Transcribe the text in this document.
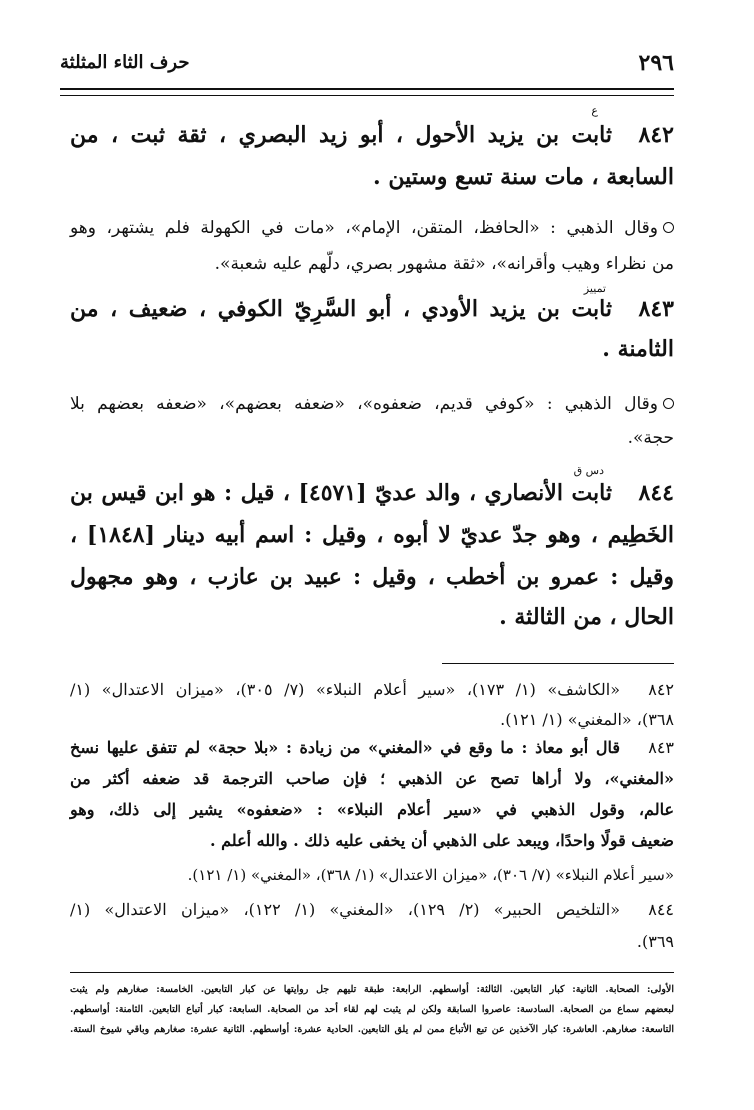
٢٩٦
حرف الثاء المثلثة
ع
٨٤٢
ثابت بن يزيد الأحول ، أبو زيد البصري ، ثقة ثبت ، من
السابعة ، مات سنة تسع وستين .
وقال الذهبي : «الحافظ، المتقن، الإمام»، «مات في الكهولة فلم يشتهر، وهو
من نظراء وهيب وأقرانه»، «ثقة مشهور بصري، دلّهم عليه شعبة».
تمييز
٨٤٣
ثابت بن يزيد الأودي ، أبو السَّرِيّ الكوفي ، ضعيف ، من
الثامنة .
وقال الذهبي : «كوفي قديم، ضعفوه»، «ضعفه بعضهم»، «ضعفه بعضهم بلا
حجة».
دس ق
٨٤٤
ثابت الأنصاري ، والد عديّ [٤٥٧١] ، قيل : هو ابن قيس بن
الخَطِيم ، وهو جدّ عديّ لا أبوه ، وقيل : اسم أبيه دينار [١٨٤٨] ،
وقيل : عمرو بن أخطب ، وقيل : عبيد بن عازب ، وهو مجهول
الحال ، من الثالثة .
٨٤٢
«الكاشف» (١/ ١٧٣)، «سير أعلام النبلاء» (٧/ ٣٠٥)، «ميزان الاعتدال» (١/
٣٦٨)، «المغني» (١/ ١٢١).
٨٤٣
قال أبو معاذ : ما وقع في «المغني» من زيادة : «بلا حجة» لم تتفق عليها نسخ
«المغني»، ولا أراها تصح عن الذهبي ؛ فإن صاحب الترجمة قد ضعفه أكثر من
عالم، وقول الذهبي في «سير أعلام النبلاء» : «ضعفوه» يشير إلى ذلك، وهو
ضعيف قولًا واحدًا، ويبعد على الذهبي أن يخفى عليه ذلك . والله أعلم .
«سير أعلام النبلاء» (٧/ ٣٠٦)، «ميزان الاعتدال» (١/ ٣٦٨)، «المغني» (١/ ١٢١).
٨٤٤
«التلخيص الحبير» (٢/ ١٢٩)، «المغني» (١/ ١٢٢)، «ميزان الاعتدال» (١/
٣٦٩).
الأولى: الصحابة. الثانية: كبار التابعين. الثالثة: أواسطهم. الرابعة: طبقة تليهم جل روايتها عن كبار التابعين. الخامسة: صغارهم ولم يثبت
لبعضهم سماع من الصحابة. السادسة: عاصروا السابقة ولكن لم يثبت لهم لقاء أحد من الصحابة. السابعة: كبار أتباع التابعين. الثامنة: أواسطهم.
التاسعة: صغارهم. العاشرة: كبار الآخذين عن تبع الأتباع ممن لم يلق التابعين. الحادية عشرة: أواسطهم. الثانية عشرة: صغارهم وباقي شيوخ الستة.
